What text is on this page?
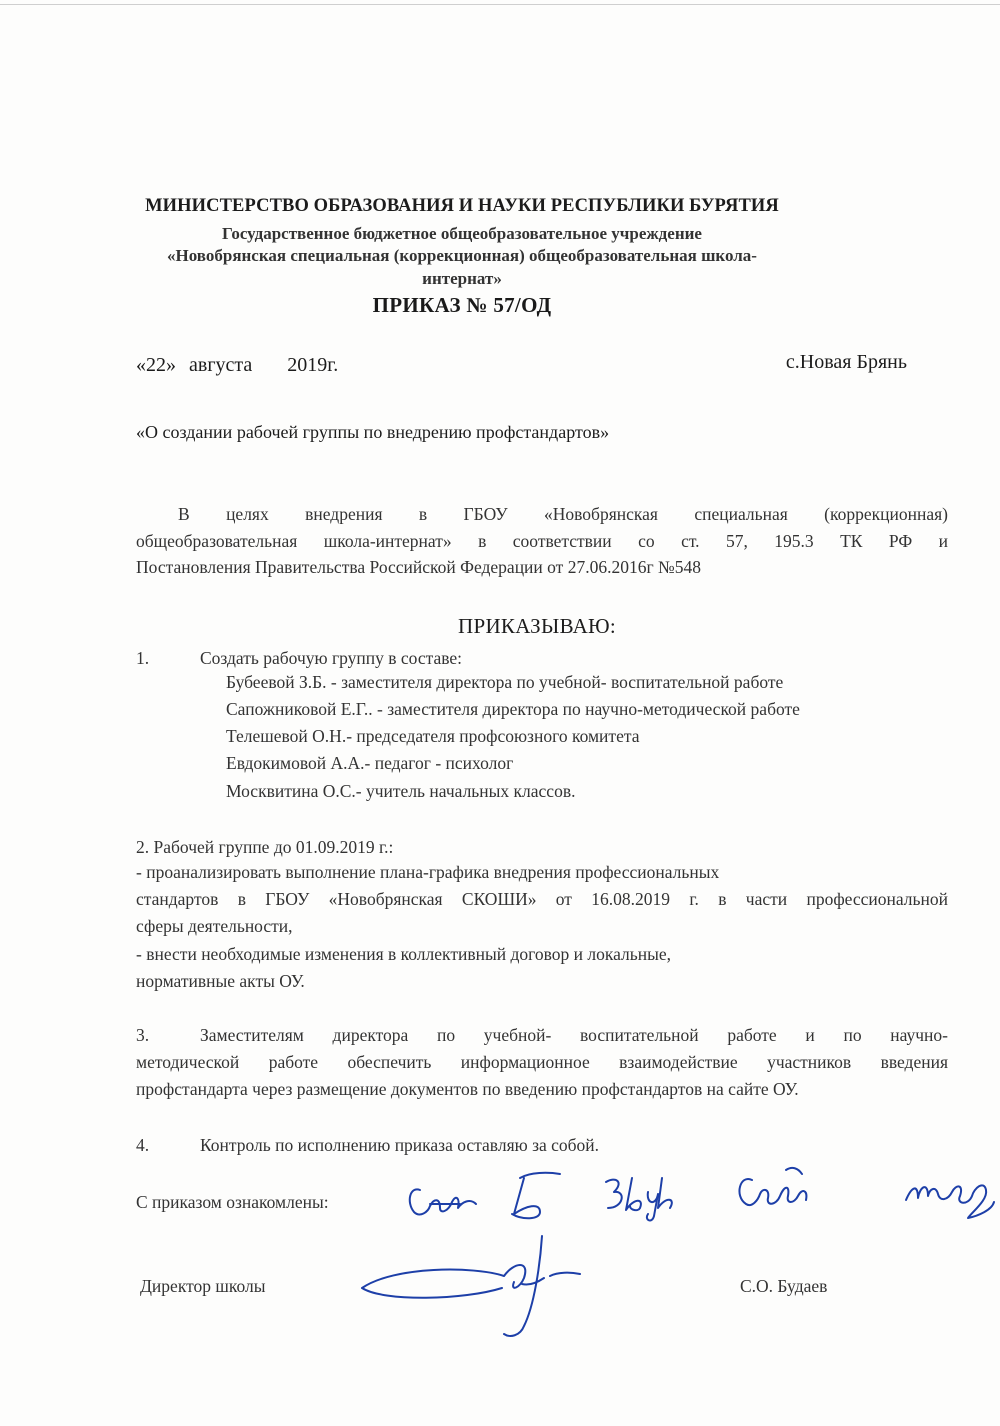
МИНИСТЕРСТВО ОБРАЗОВАНИЯ И НАУКИ РЕСПУБЛИКИ БУРЯТИЯ
Государственное бюджетное общеобразовательное учреждение
«Новобрянская специальная (коррекционная) общеобразовательная школа-
интернат»
ПРИКАЗ № 57/ОД
«22» августа 2019г.	с.Новая Брянь
«О создании рабочей группы по внедрению профстандартов»
В целях внедрения в ГБОУ «Новобрянская специальная (коррекционная)
общеобразовательная школа-интернат» в соответствии со ст. 57, 195.3 ТК РФ и
Постановления Правительства Российской Федерации от 27.06.2016г №548
ПРИКАЗЫВАЮ:
1.	Создать рабочую группу в составе:
Бубеевой З.Б. - заместителя директора по учебной- воспитательной работе
Сапожниковой Е.Г.. - заместителя директора по научно-методической работе
Телешевой О.Н.- председателя профсоюзного комитета
Евдокимовой А.А.- педагог - психолог
Москвитина О.С.- учитель начальных классов.
2. Рабочей группе до 01.09.2019 г.:
- проанализировать выполнение плана-графика внедрения профессиональных
стандартов в ГБОУ «Новобрянская СКОШИ» от 16.08.2019 г. в части профессиональной
сферы деятельности,
- внести необходимые изменения в коллективный договор и локальные,
нормативные акты ОУ.
3.	Заместителям директора по учебной- воспитательной работе и по научно-
методической работе обеспечить информационное взаимодействие участников введения
профстандарта через размещение документов по введению профстандартов на сайте ОУ.
4.	Контроль по исполнению приказа оставляю за собой.
С приказом ознакомлены:
Директор школы	С.О. Будаев
